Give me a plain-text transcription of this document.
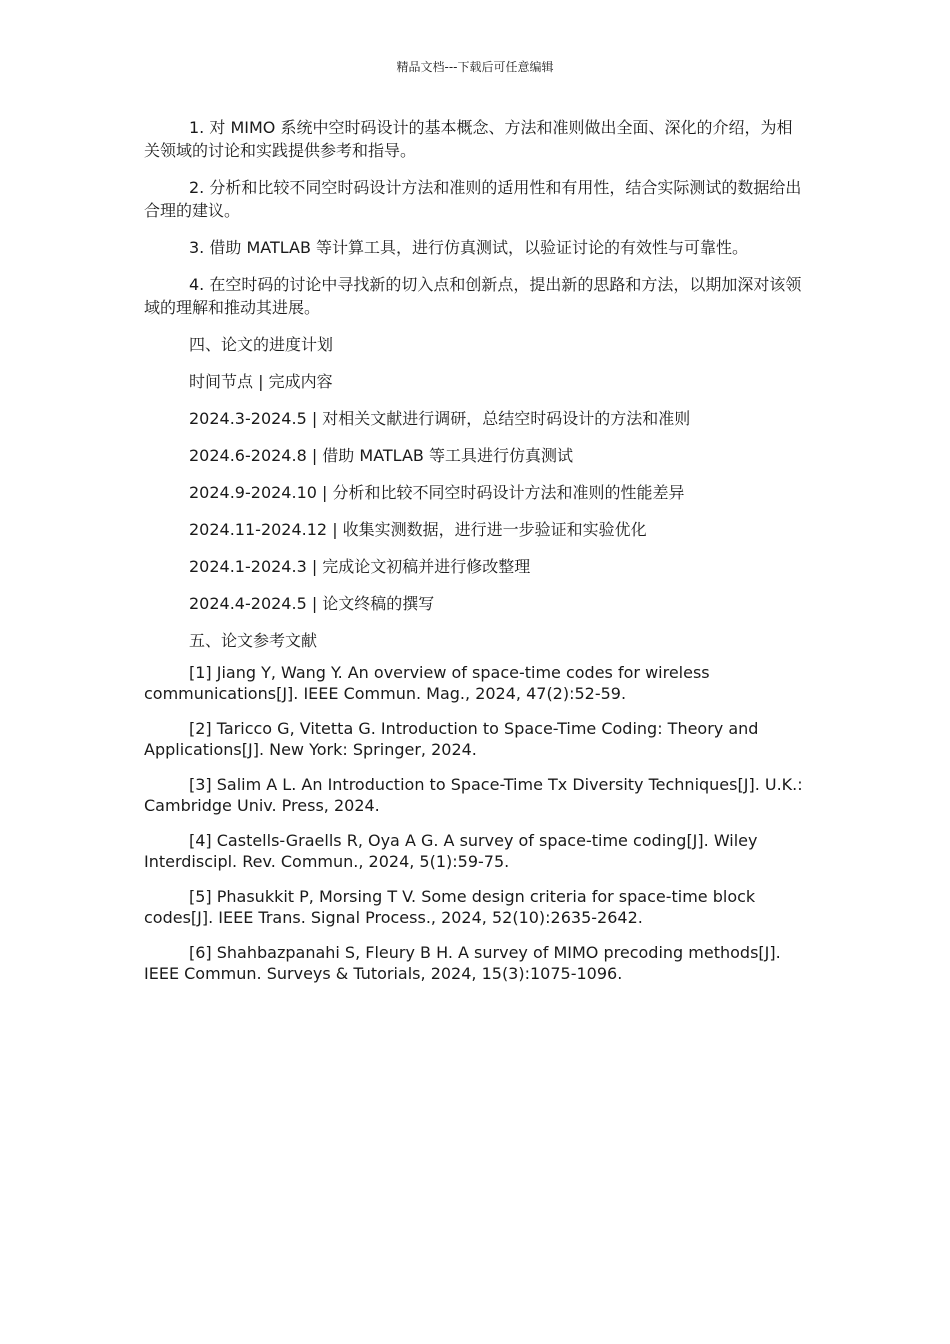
精品文档---下载后可任意编辑

1. 对 MIMO 系统中空时码设计的基本概念、方法和准则做出全面、深化的介绍，为相关领域的讨论和实践提供参考和指导。

2. 分析和比较不同空时码设计方法和准则的适用性和有用性，结合实际测试的数据给出合理的建议。

3. 借助 MATLAB 等计算工具，进行仿真测试，以验证讨论的有效性与可靠性。

4. 在空时码的讨论中寻找新的切入点和创新点，提出新的思路和方法，以期加深对该领域的理解和推动其进展。

四、论文的进度计划

时间节点 | 完成内容

2024.3-2024.5 | 对相关文献进行调研，总结空时码设计的方法和准则

2024.6-2024.8 | 借助 MATLAB 等工具进行仿真测试

2024.9-2024.10 | 分析和比较不同空时码设计方法和准则的性能差异

2024.11-2024.12 | 收集实测数据，进行进一步验证和实验优化

2024.1-2024.3 | 完成论文初稿并进行修改整理

2024.4-2024.5 | 论文终稿的撰写

五、论文参考文献

[1] Jiang Y, Wang Y. An overview of space-time codes for wireless communications[J]. IEEE Commun. Mag., 2024, 47(2):52-59.

[2] Taricco G, Vitetta G. Introduction to Space-Time Coding: Theory and Applications[J]. New York: Springer, 2024.

[3] Salim A L. An Introduction to Space-Time Tx Diversity Techniques[J]. U.K.: Cambridge Univ. Press, 2024.

[4] Castells-Graells R, Oya A G. A survey of space-time coding[J]. Wiley Interdiscipl. Rev. Commun., 2024, 5(1):59-75.

[5] Phasukkit P, Morsing T V. Some design criteria for space-time block codes[J]. IEEE Trans. Signal Process., 2024, 52(10):2635-2642.

[6] Shahbazpanahi S, Fleury B H. A survey of MIMO precoding methods[J]. IEEE Commun. Surveys & Tutorials, 2024, 15(3):1075-1096.
